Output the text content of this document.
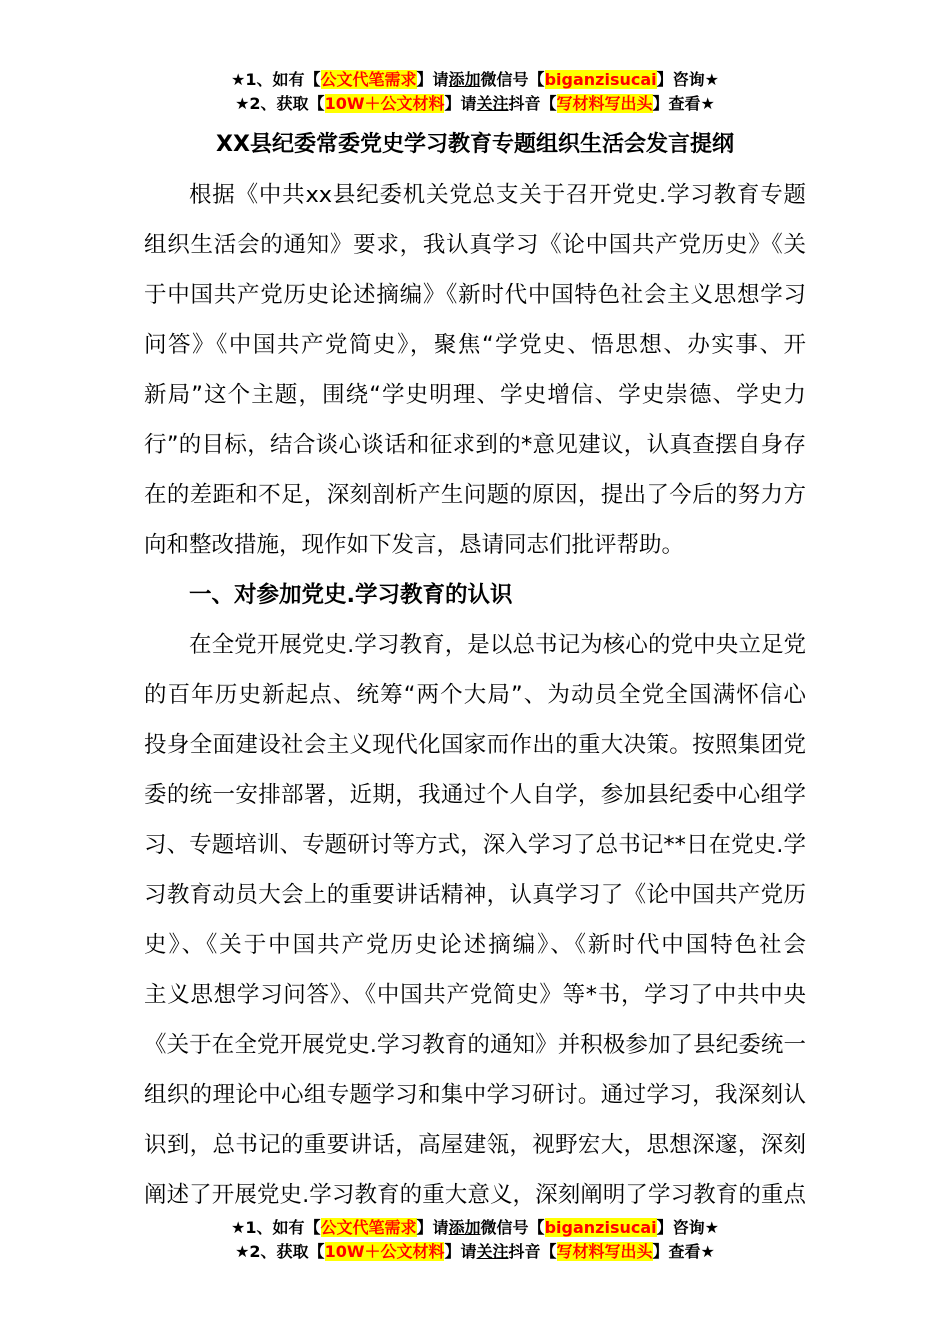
★1、如有【公文代笔需求】请添加微信号【biganzisucai】咨询★
★2、获取【10W＋公文材料】请关注抖音【写材料写出头】查看★
XX县纪委常委党史学习教育专题组织生活会发言提纲
根据《中共xx县纪委机关党总支关于召开党史.学习教育专题
组织生活会的通知》要求，我认真学习《论中国共产党历史》《关
于中国共产党历史论述摘编》《新时代中国特色社会主义思想学习
问答》《中国共产党简史》，聚焦“学党史、悟思想、办实事、开
新局”这个主题，围绕“学史明理、学史增信、学史崇德、学史力
行”的目标，结合谈心谈话和征求到的*意见建议，认真查摆自身存
在的差距和不足，深刻剖析产生问题的原因，提出了今后的努力方
向和整改措施，现作如下发言，恳请同志们批评帮助。
一、对参加党史.学习教育的认识
在全党开展党史.学习教育，是以总书记为核心的党中央立足党
的百年历史新起点、统筹“两个大局”、为动员全党全国满怀信心
投身全面建设社会主义现代化国家而作出的重大决策。按照集团党
委的统一安排部署，近期，我通过个人自学，参加县纪委中心组学
习、专题培训、专题研讨等方式，深入学习了总书记**日在党史.学
习教育动员大会上的重要讲话精神，认真学习了《论中国共产党历
史》、《关于中国共产党历史论述摘编》、《新时代中国特色社会
主义思想学习问答》、《中国共产党简史》等*书，学习了中共中央
《关于在全党开展党史.学习教育的通知》并积极参加了县纪委统一
组织的理论中心组专题学习和集中学习研讨。通过学习，我深刻认
识到，总书记的重要讲话，高屋建瓴，视野宏大，思想深邃，深刻
阐述了开展党史.学习教育的重大意义，深刻阐明了学习教育的重点
★1、如有【公文代笔需求】请添加微信号【biganzisucai】咨询★
★2、获取【10W＋公文材料】请关注抖音【写材料写出头】查看★
